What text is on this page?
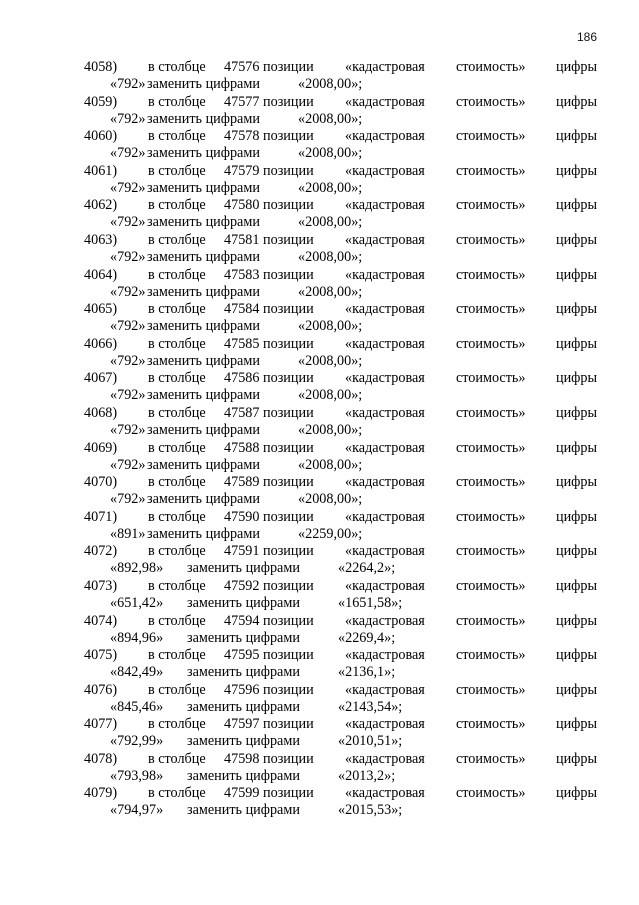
186
4058) в столбце 47576 позиции «кадастровая стоимость» цифры
«792» заменить цифрами	«2008,00»;
4059) в столбце 47577 позиции «кадастровая стоимость» цифры
«792» заменить цифрами	«2008,00»;
4060) в столбце 47578 позиции «кадастровая стоимость» цифры
«792» заменить цифрами	«2008,00»;
4061) в столбце 47579 позиции «кадастровая стоимость» цифры
«792» заменить цифрами	«2008,00»;
4062) в столбце 47580 позиции «кадастровая стоимость» цифры
«792» заменить цифрами	«2008,00»;
4063) в столбце 47581 позиции «кадастровая стоимость» цифры
«792» заменить цифрами	«2008,00»;
4064) в столбце 47583 позиции «кадастровая стоимость» цифры
«792» заменить цифрами	«2008,00»;
4065) в столбце 47584 позиции «кадастровая стоимость» цифры
«792» заменить цифрами	«2008,00»;
4066) в столбце 47585 позиции «кадастровая стоимость» цифры
«792» заменить цифрами	«2008,00»;
4067) в столбце 47586 позиции «кадастровая стоимость» цифры
«792» заменить цифрами	«2008,00»;
4068) в столбце 47587 позиции «кадастровая стоимость» цифры
«792» заменить цифрами	«2008,00»;
4069) в столбце 47588 позиции «кадастровая стоимость» цифры
«792» заменить цифрами	«2008,00»;
4070) в столбце 47589 позиции «кадастровая стоимость» цифры
«792» заменить цифрами	«2008,00»;
4071) в столбце 47590 позиции «кадастровая стоимость» цифры
«891» заменить цифрами	«2259,00»;
4072) в столбце 47591 позиции «кадастровая стоимость» цифры
«892,98» заменить цифрами	«2264,2»;
4073) в столбце 47592 позиции «кадастровая стоимость» цифры
«651,42» заменить цифрами	«1651,58»;
4074) в столбце 47594 позиции «кадастровая стоимость» цифры
«894,96» заменить цифрами	«2269,4»;
4075) в столбце 47595 позиции «кадастровая стоимость» цифры
«842,49» заменить цифрами	«2136,1»;
4076) в столбце 47596 позиции «кадастровая стоимость» цифры
«845,46» заменить цифрами	«2143,54»;
4077) в столбце 47597 позиции «кадастровая стоимость» цифры
«792,99» заменить цифрами	«2010,51»;
4078) в столбце 47598 позиции «кадастровая стоимость» цифры
«793,98» заменить цифрами	«2013,2»;
4079) в столбце 47599 позиции «кадастровая стоимость» цифры
«794,97» заменить цифрами	«2015,53»;
